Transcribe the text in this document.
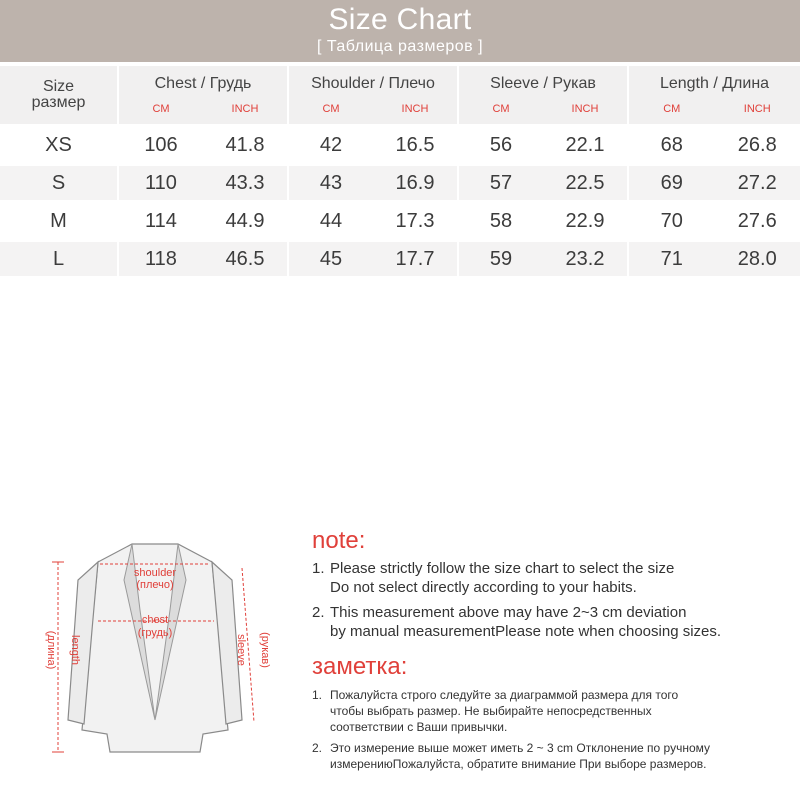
Size Chart
[ Таблица размеров ]
Size
размер
Chest / Грудь
CM	INCH
Shoulder / Плечо
CM	INCH
Sleeve / Рукав
CM	INCH
Length / Длина
CM	INCH
XS	106	41.8	42	16.5	56	22.1	68	26.8
S	110	43.3	43	16.9	57	22.5	69	27.2
M	114	44.9	44	17.3	58	22.9	70	27.6
L	118	46.5	45	17.7	59	23.2	71	28.0
shoulder
(плечо)
chest
(грудь)
length
(длина)	sleeve (рукав)
note:
1. Please strictly follow the size chart to select the size
Do not select directly according to your habits.
2. This measurement above may have 2~3 cm deviation
by manual measurementPlease note when choosing sizes.
заметка:
1. Пожалуйста строго следуйте за диаграммой размера для того
чтобы выбрать размер. Не выбирайте непосредственных
соответствии с Ваши привычки.
2. Это измерение выше может иметь 2 ~ 3 cm Отклонение по ручному
измерениюПожалуйста, обратите внимание При выборе размеров.
